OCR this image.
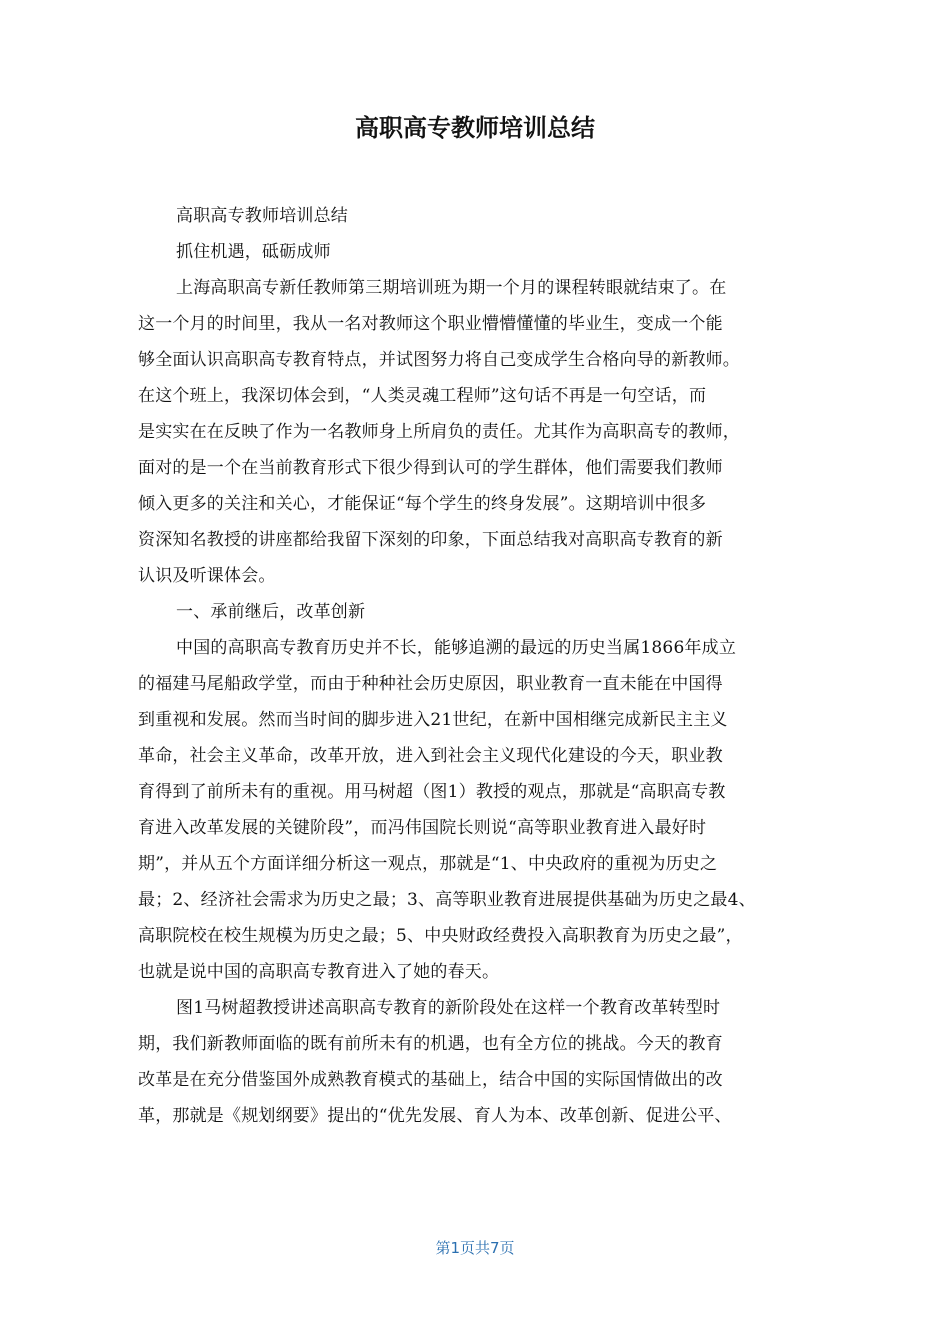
高职高专教师培训总结
高职高专教师培训总结
抓住机遇，砥砺成师
上海高职高专新任教师第三期培训班为期一个月的课程转眼就结束了。在
这一个月的时间里，我从一名对教师这个职业懵懵懂懂的毕业生，变成一个能
够全面认识高职高专教育特点，并试图努力将自己变成学生合格向导的新教师。
在这个班上，我深切体会到，“人类灵魂工程师”这句话不再是一句空话，而
是实实在在反映了作为一名教师身上所肩负的责任。尤其作为高职高专的教师，
面对的是一个在当前教育形式下很少得到认可的学生群体，他们需要我们教师
倾入更多的关注和关心，才能保证“每个学生的终身发展”。这期培训中很多
资深知名教授的讲座都给我留下深刻的印象，下面总结我对高职高专教育的新
认识及听课体会。
一、承前继后，改革创新
中国的高职高专教育历史并不长，能够追溯的最远的历史当属1866年成立
的福建马尾船政学堂，而由于种种社会历史原因，职业教育一直未能在中国得
到重视和发展。然而当时间的脚步进入21世纪，在新中国相继完成新民主主义
革命，社会主义革命，改革开放，进入到社会主义现代化建设的今天，职业教
育得到了前所未有的重视。用马树超（图1）教授的观点，那就是“高职高专教
育进入改革发展的关键阶段”，而冯伟国院长则说“高等职业教育进入最好时
期”，并从五个方面详细分析这一观点，那就是“1、中央政府的重视为历史之
最；2、经济社会需求为历史之最；3、高等职业教育进展提供基础为历史之最4、
高职院校在校生规模为历史之最；5、中央财政经费投入高职教育为历史之最”，
也就是说中国的高职高专教育进入了她的春天。
图1马树超教授讲述高职高专教育的新阶段处在这样一个教育改革转型时
期，我们新教师面临的既有前所未有的机遇，也有全方位的挑战。今天的教育
改革是在充分借鉴国外成熟教育模式的基础上，结合中国的实际国情做出的改
革，那就是《规划纲要》提出的“优先发展、育人为本、改革创新、促进公平、
第1页共7页
